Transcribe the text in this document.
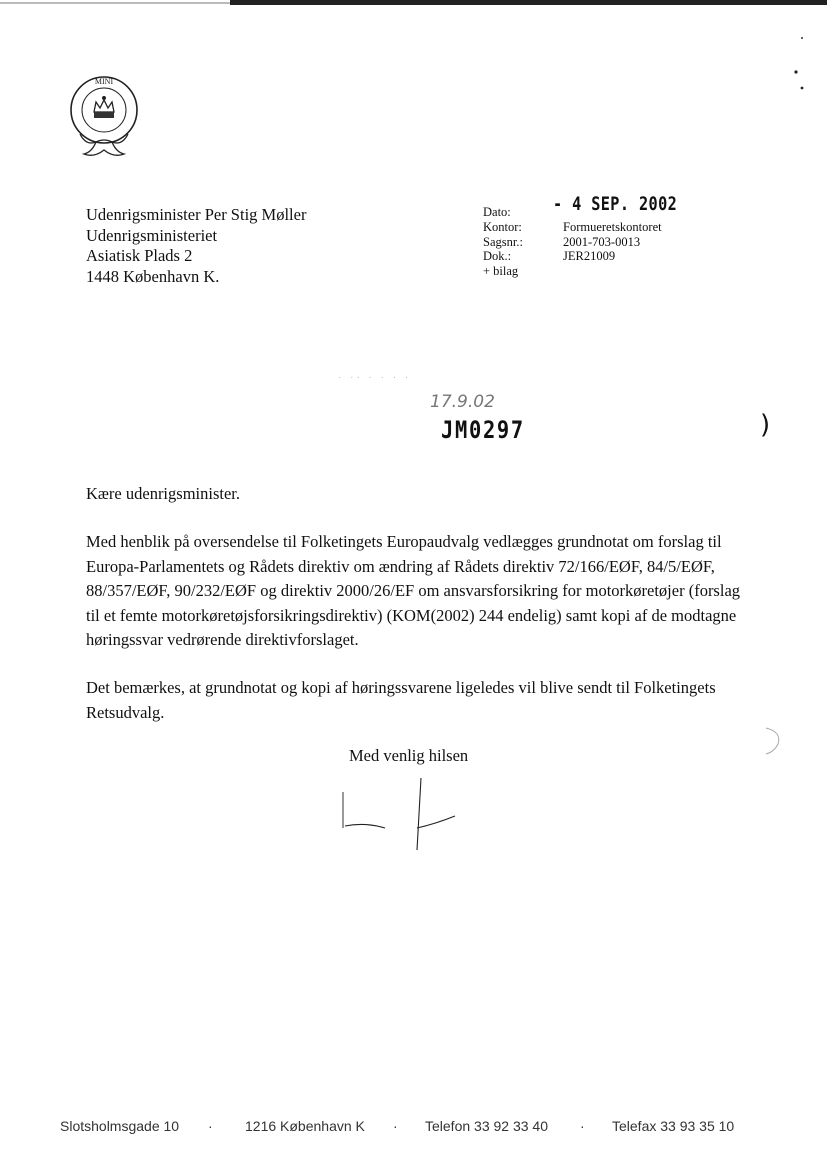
MINI
Udenrigsminister Per Stig Møller
Udenrigsministeriet
Asiatisk Plads 2
1448 København K.
- 4 SEP. 2002
Dato:
Kontor:	Formueretskontoret
Sagsnr.:	2001-703-0013
Dok.:	JER21009
+ bilag
· ·· · · · ·
17.9.02
JM0297	)
Kære udenrigsminister.
Med henblik på oversendelse til Folketingets Europaudvalg vedlægges grundnotat om forslag til Europa-Parlamentets og Rådets direktiv om ændring af Rådets direktiv 72/166/EØF, 84/5/EØF, 88/357/EØF, 90/232/EØF og direktiv 2000/26/EF om ansvarsforsikring for motorkøretøjer (forslag til et femte motorkøretøjsforsikringsdirektiv) (KOM(2002) 244 endelig) samt kopi af de modtagne høringssvar vedrørende direktivforslaget.
Det bemærkes, at grundnotat og kopi af høringssvarene ligeledes vil blive sendt til Folketingets Retsudvalg.
Med venlig hilsen
Slotsholmsgade 10 · 1216 København K · Telefon 33 92 33 40 · Telefax 33 93 35 10
